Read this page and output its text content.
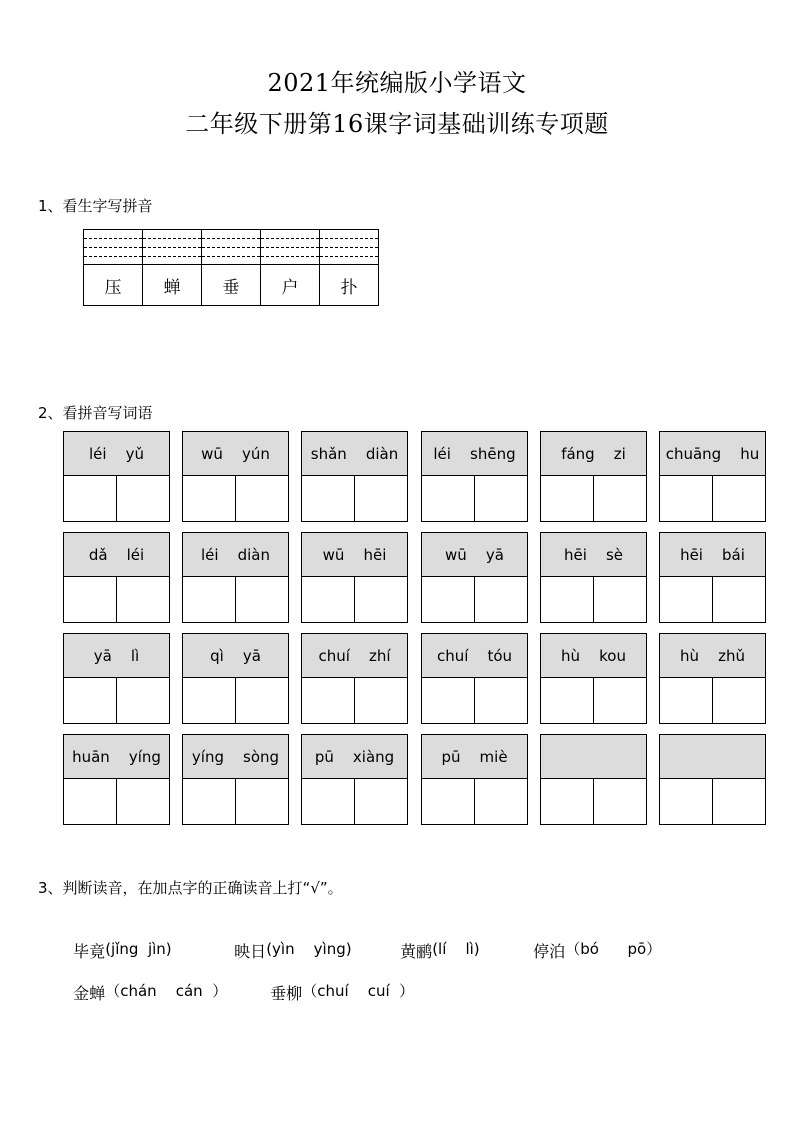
2021年统编版小学语文
二年级下册第16课字词基础训练专项题
1、看生字写拼音

压	蝉	垂	户	扑
2、看拼音写词语
léi    yǔ	wū    yún	shǎn    diàn	léi    shēng	fáng    zi	chuāng    hu
dǎ    léi	léi    diàn	wū    hēi	wū    yā	hēi    sè	hēi    bái
yā    lì	qì    yā	chuí    zhí	chuí    tóu	hù    kou	hù    zhǔ
huān    yíng	yíng    sòng	pū    xiàng	pū    miè
3、判断读音，在加点字的正确读音上打“√”。

毕竟(jǐng  jìn)	映日(yìn    yìng)	黄鹂(lí    lì)	停泊（bó      pō）

金蝉（chán    cán  ）	垂柳（chuí    cuí  ）
